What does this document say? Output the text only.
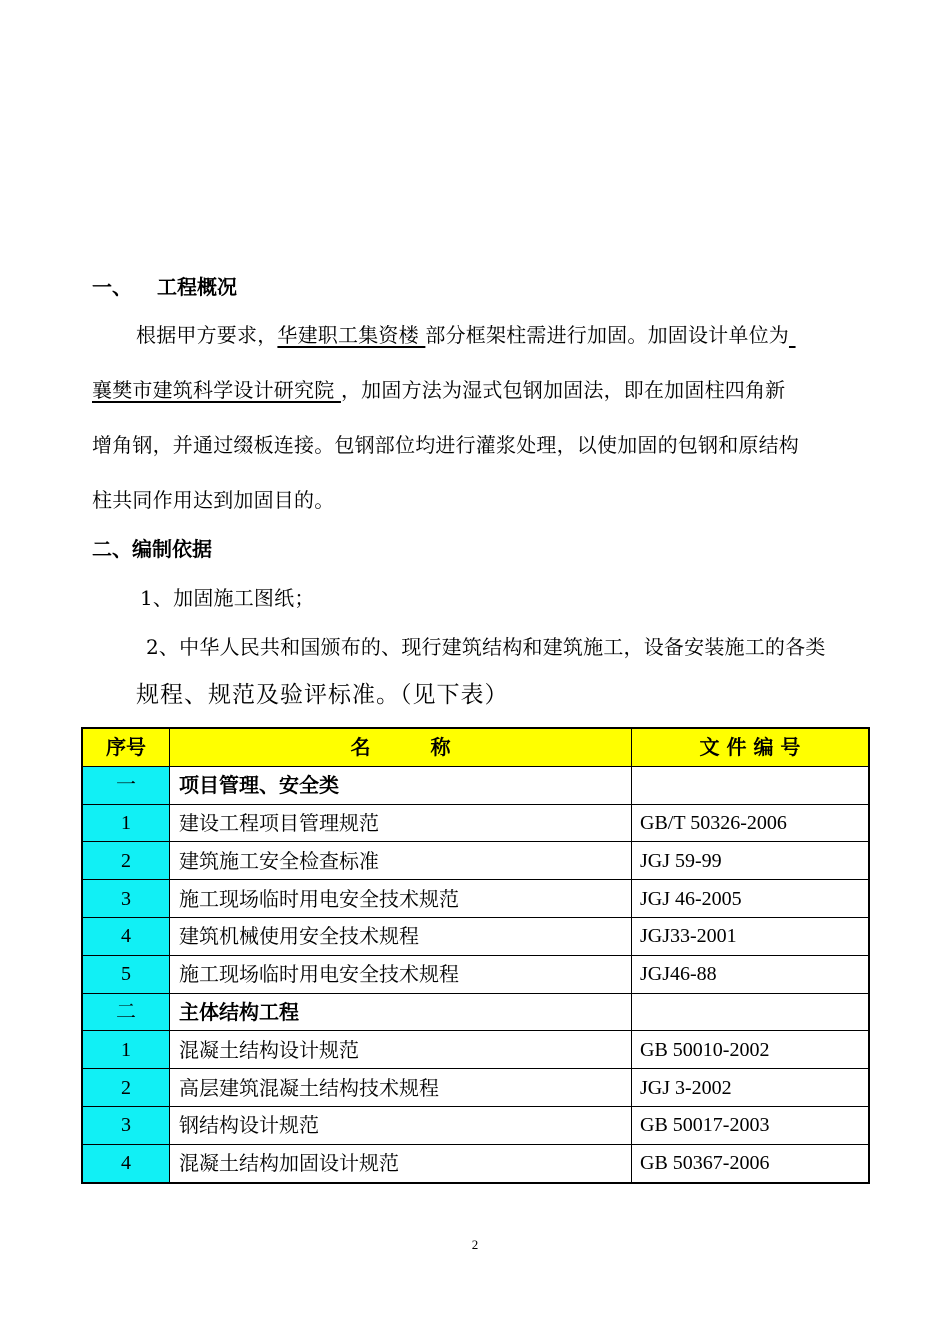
一、 工程概况
根据甲方要求，华建职工集资楼 部分框架柱需进行加固。加固设计单位为
襄樊市建筑科学设计研究院 ，加固方法为湿式包钢加固法，即在加固柱四角新
增角钢，并通过缀板连接。包钢部位均进行灌浆处理，以使加固的包钢和原结构
柱共同作用达到加固目的。
二、编制依据
1、加固施工图纸；
2、中华人民共和国颁布的、现行建筑结构和建筑施工，设备安装施工的各类
规程、规范及验评标准。（见下表）
序号	名　　　称	文 件 编 号
一	项目管理、安全类	
1	建设工程项目管理规范	GB/T 50326-2006
2	建筑施工安全检查标准	JGJ 59-99
3	施工现场临时用电安全技术规范	JGJ 46-2005
4	建筑机械使用安全技术规程	JGJ33-2001
5	施工现场临时用电安全技术规程	JGJ46-88
二	主体结构工程	
1	混凝土结构设计规范	GB 50010-2002
2	高层建筑混凝土结构技术规程	JGJ 3-2002
3	钢结构设计规范	GB 50017-2003
4	混凝土结构加固设计规范	GB 50367-2006
2
